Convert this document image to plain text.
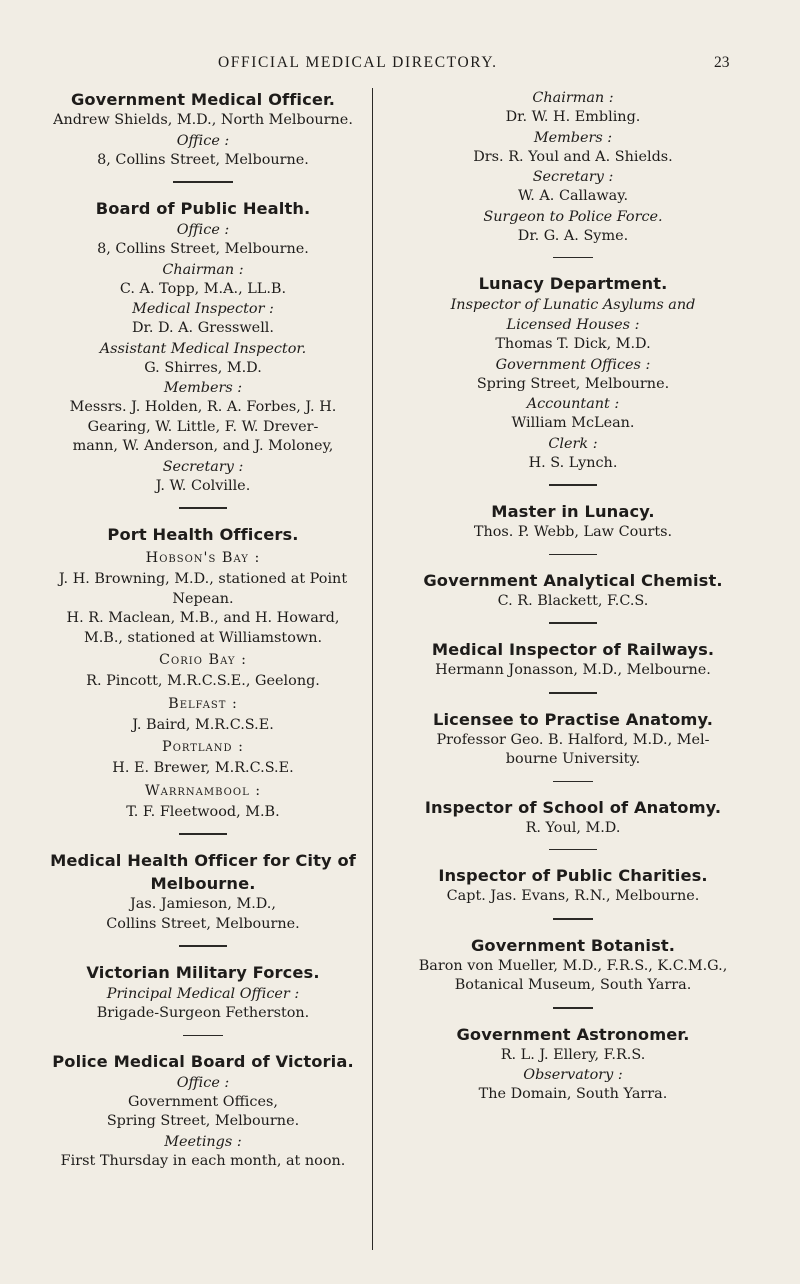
OFFICIAL MEDICAL DIRECTORY.	23

Government Medical Officer.

Andrew Shields, M.D., North Melbourne.

Office :

8, Collins Street, Melbourne.

Board of Public Health.

Office :

8, Collins Street, Melbourne.

Chairman :

C. A. Topp, M.A., LL.B.

Medical Inspector :

Dr. D. A. Gresswell.

Assistant Medical Inspector.

G. Shirres, M.D.

Members :

Messrs. J. Holden, R. A. Forbes, J. H.

Gearing, W. Little, F. W. Drever-

mann, W. Anderson, and J. Moloney,

Secretary :

J. W. Colville.

Port Health Officers.

Hobson's Bay :

J. H. Browning, M.D., stationed at Point

Nepean.

H. R. Maclean, M.B., and H. Howard,

M.B., stationed at Williamstown.

Corio Bay :

R. Pincott, M.R.C.S.E., Geelong.

Belfast :

J. Baird, M.R.C.S.E.

Portland :

H. E. Brewer, M.R.C.S.E.

Warrnambool :

T. F. Fleetwood, M.B.

Medical Health Officer for City of

Melbourne.

Jas. Jamieson, M.D.,

Collins Street, Melbourne.

Victorian Military Forces.

Principal Medical Officer :

Brigade-Surgeon Fetherston.

Police Medical Board of Victoria.

Office :

Government Offices,

Spring Street, Melbourne.

Meetings :

First Thursday in each month, at noon.

Chairman :

Dr. W. H. Embling.

Members :

Drs. R. Youl and A. Shields.

Secretary :

W. A. Callaway.

Surgeon to Police Force.

Dr. G. A. Syme.

Lunacy Department.

Inspector of Lunatic Asylums and

Licensed Houses :

Thomas T. Dick, M.D.

Government Offices :

Spring Street, Melbourne.

Accountant :

William McLean.

Clerk :

H. S. Lynch.

Master in Lunacy.

Thos. P. Webb, Law Courts.

Government Analytical Chemist.

C. R. Blackett, F.C.S.

Medical Inspector of Railways.

Hermann Jonasson, M.D., Melbourne.

Licensee to Practise Anatomy.

Professor Geo. B. Halford, M.D., Mel-

bourne University.

Inspector of School of Anatomy.

R. Youl, M.D.

Inspector of Public Charities.

Capt. Jas. Evans, R.N., Melbourne.

Government Botanist.

Baron von Mueller, M.D., F.R.S., K.C.M.G.,

Botanical Museum, South Yarra.

Government Astronomer.

R. L. J. Ellery, F.R.S.

Observatory :

The Domain, South Yarra.
